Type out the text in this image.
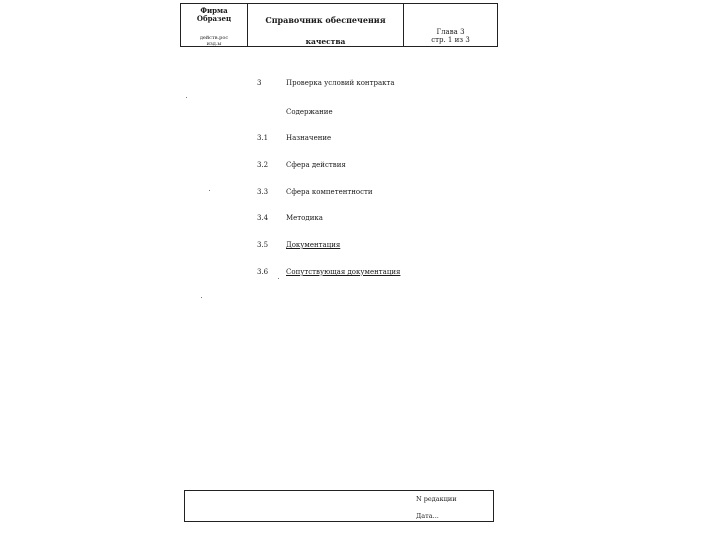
Фирма
Образец
действ.рос
изд.ы
Справочник обеспечения
качества
Глава 3
стр. 1 из 3
3	Проверка условий контракта
Содержание
3.1	Назначение
3.2	Сфера действия
3.3	Сфера компетентности
3.4	Методика
3.5	Документация
3.6	Сопутствующая документация
N редакции
Дата...
